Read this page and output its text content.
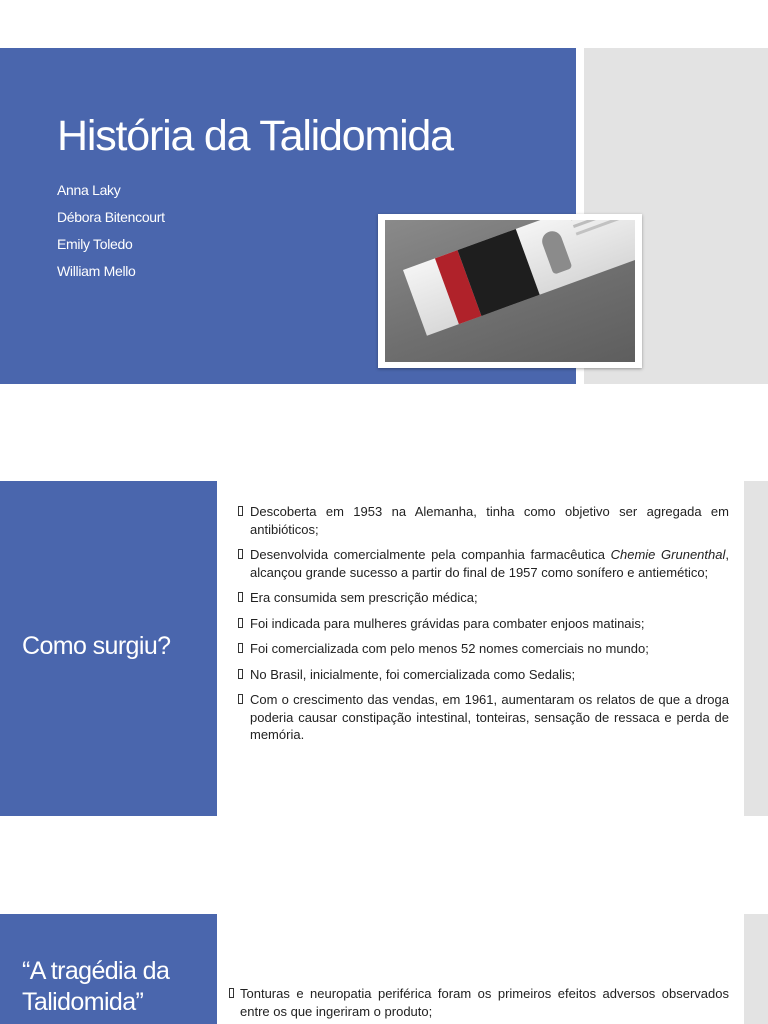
História da Talidomida
Anna Laky
Débora Bitencourt
Emily Toledo
William Mello
Como surgiu?
Descoberta em 1953 na Alemanha, tinha como objetivo ser agregada em antibióticos;
Desenvolvida comercialmente pela companhia farmacêutica Chemie Grunenthal, alcançou grande sucesso a partir do final de 1957 como sonífero e antiemético;
Era consumida sem prescrição médica;
Foi indicada para mulheres grávidas para combater enjoos matinais;
Foi comercializada com pelo menos 52 nomes comerciais no mundo;
No Brasil, inicialmente, foi comercializada como Sedalis;
Com o crescimento das vendas, em 1961, aumentaram os relatos de que a droga poderia causar constipação intestinal, tonteiras, sensação de ressaca e perda de memória.
“A tragédia da Talidomida”	Tonturas e neuropatia periférica foram os primeiros efeitos adversos observados entre os que ingeriram o produto;
